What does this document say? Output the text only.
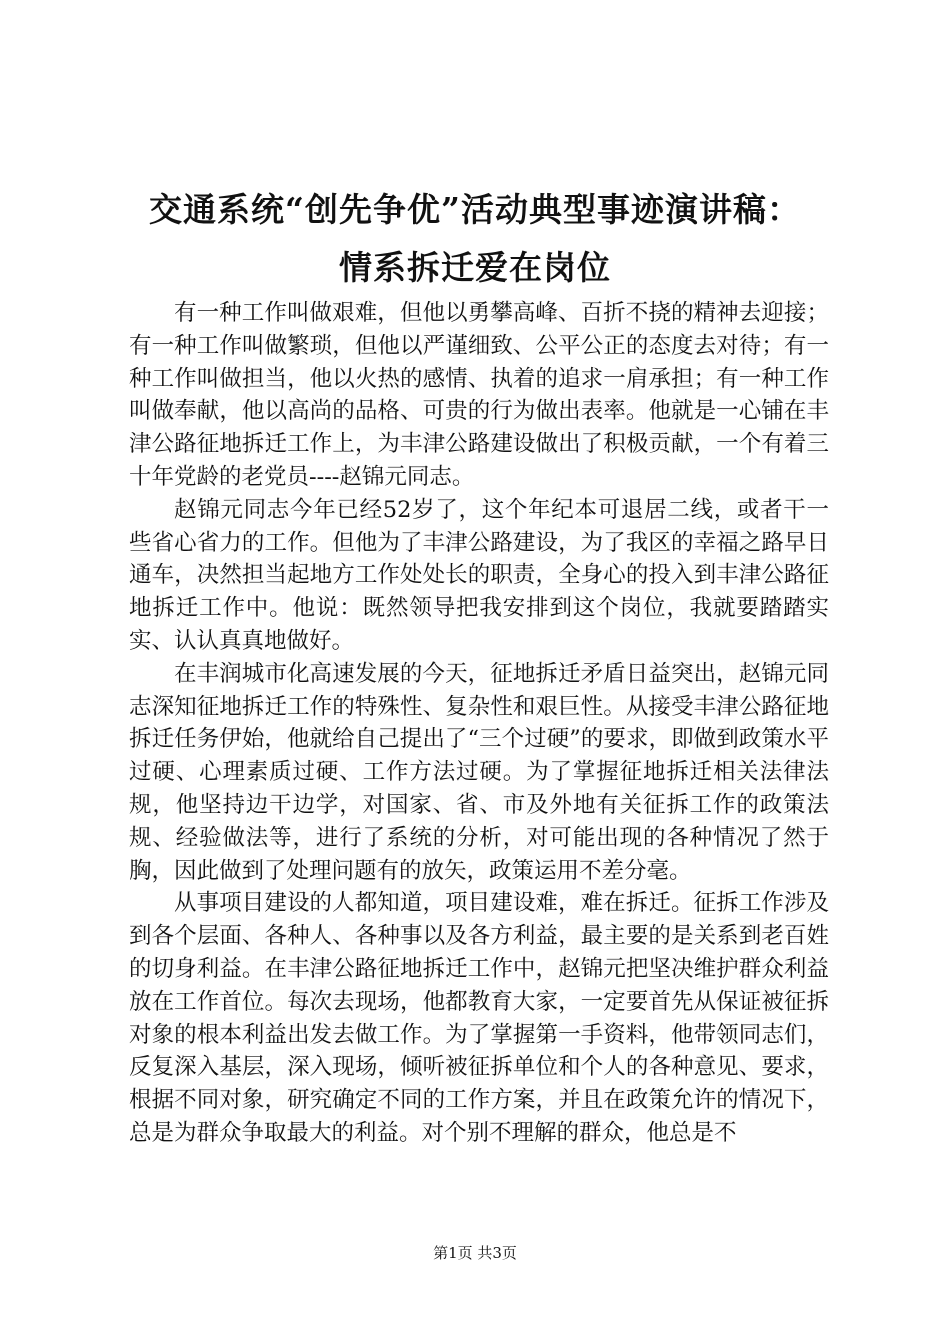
交通系统“创先争优”活动典型事迹演讲稿：
情系拆迁爱在岗位

有一种工作叫做艰难，但他以勇攀高峰、百折不挠的精神去迎接；有一种工作叫做繁琐，但他以严谨细致、公平公正的态度去对待；有一种工作叫做担当，他以火热的感情、执着的追求一肩承担；有一种工作叫做奉献，他以高尚的品格、可贵的行为做出表率。他就是一心铺在丰津公路征地拆迁工作上，为丰津公路建设做出了积极贡献，一个有着三十年党龄的老党员----赵锦元同志。

赵锦元同志今年已经52岁了，这个年纪本可退居二线，或者干一些省心省力的工作。但他为了丰津公路建设，为了我区的幸福之路早日通车，决然担当起地方工作处处长的职责，全身心的投入到丰津公路征地拆迁工作中。他说：既然领导把我安排到这个岗位，我就要踏踏实实、认认真真地做好。

在丰润城市化高速发展的今天，征地拆迁矛盾日益突出，赵锦元同志深知征地拆迁工作的特殊性、复杂性和艰巨性。从接受丰津公路征地拆迁任务伊始，他就给自己提出了“三个过硬”的要求，即做到政策水平过硬、心理素质过硬、工作方法过硬。为了掌握征地拆迁相关法律法规，他坚持边干边学，对国家、省、市及外地有关征拆工作的政策法规、经验做法等，进行了系统的分析，对可能出现的各种情况了然于胸，因此做到了处理问题有的放矢，政策运用不差分毫。

从事项目建设的人都知道，项目建设难，难在拆迁。征拆工作涉及到各个层面、各种人、各种事以及各方利益，最主要的是关系到老百姓的切身利益。在丰津公路征地拆迁工作中，赵锦元把坚决维护群众利益放在工作首位。每次去现场，他都教育大家，一定要首先从保证被征拆对象的根本利益出发去做工作。为了掌握第一手资料，他带领同志们，反复深入基层，深入现场，倾听被征拆单位和个人的各种意见、要求，根据不同对象，研究确定不同的工作方案，并且在政策允许的情况下，总是为群众争取最大的利益。对个别不理解的群众，他总是不

第1页 共3页
